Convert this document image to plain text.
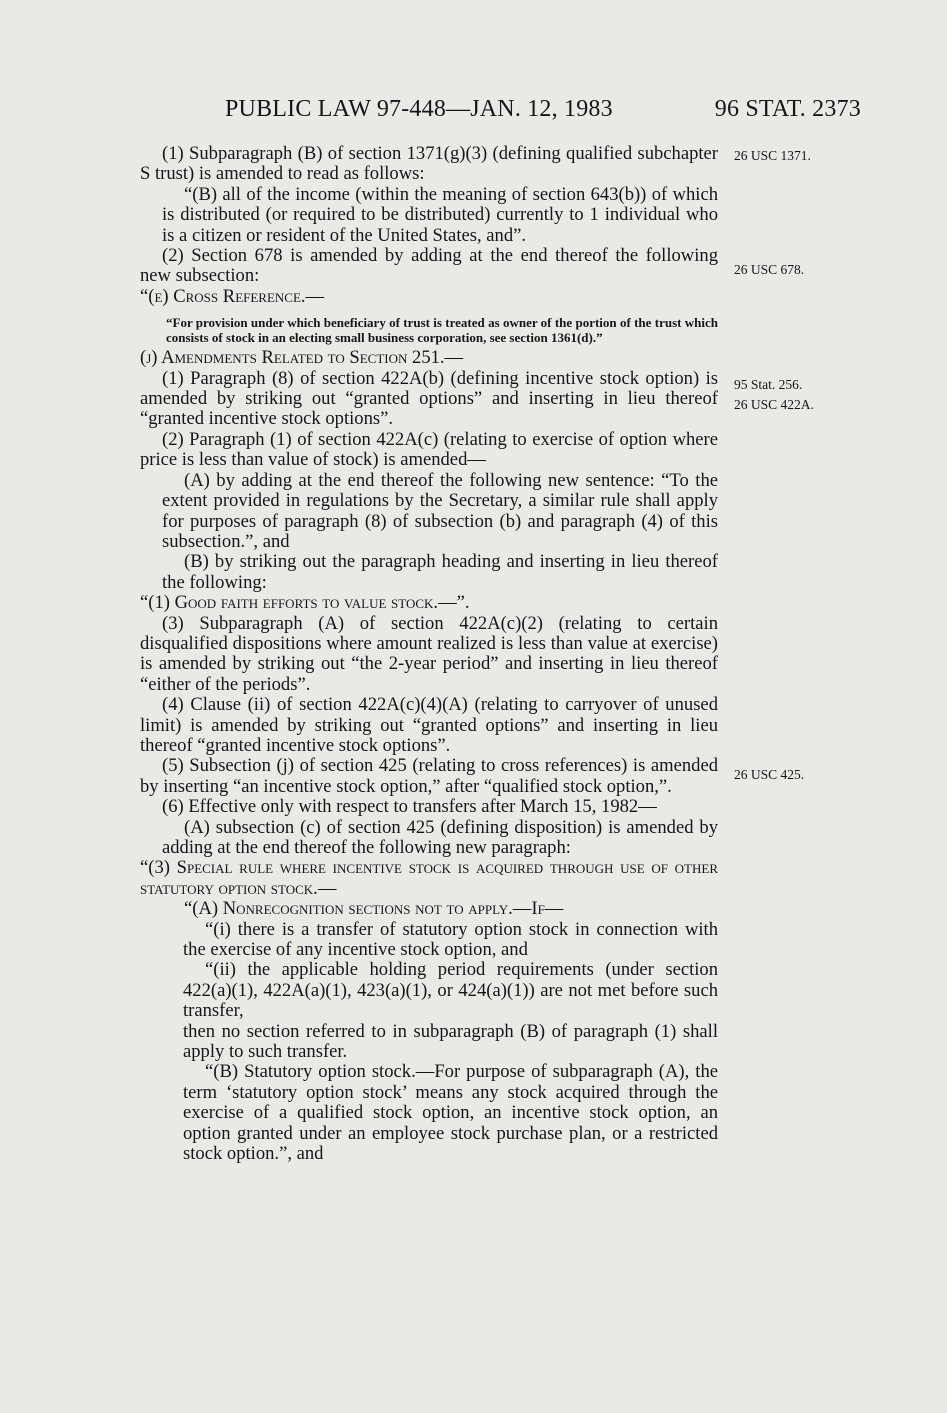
PUBLIC LAW 97-448—JAN. 12, 1983	96 STAT. 2373
26 USC 1371.
26 USC 678.
95 Stat. 256.
26 USC 422A.
26 USC 425.
(1) Subparagraph (B) of section 1371(g)(3) (defining qualified subchapter S trust) is amended to read as follows:
“(B) all of the income (within the meaning of section 643(b)) of which is distributed (or required to be distributed) currently to 1 individual who is a citizen or resident of the United States, and”.
(2) Section 678 is amended by adding at the end thereof the following new subsection:
“(e) Cross Reference.—
“For provision under which beneficiary of trust is treated as owner of the portion of the trust which consists of stock in an electing small business corporation, see section 1361(d).”
(j) Amendments Related to Section 251.—
(1) Paragraph (8) of section 422A(b) (defining incentive stock option) is amended by striking out “granted options” and inserting in lieu thereof “granted incentive stock options”.
(2) Paragraph (1) of section 422A(c) (relating to exercise of option where price is less than value of stock) is amended—
(A) by adding at the end thereof the following new sentence: “To the extent provided in regulations by the Secretary, a similar rule shall apply for purposes of paragraph (8) of subsection (b) and paragraph (4) of this subsection.”, and
(B) by striking out the paragraph heading and inserting in lieu thereof the following:
“(1) Good faith efforts to value stock.—”.
(3) Subparagraph (A) of section 422A(c)(2) (relating to certain disqualified dispositions where amount realized is less than value at exercise) is amended by striking out “the 2-year period” and inserting in lieu thereof “either of the periods”.
(4) Clause (ii) of section 422A(c)(4)(A) (relating to carryover of unused limit) is amended by striking out “granted options” and inserting in lieu thereof “granted incentive stock options”.
(5) Subsection (j) of section 425 (relating to cross references) is amended by inserting “an incentive stock option,” after “qualified stock option,”.
(6) Effective only with respect to transfers after March 15, 1982—
(A) subsection (c) of section 425 (defining disposition) is amended by adding at the end thereof the following new paragraph:
“(3) Special rule where incentive stock is acquired through use of other statutory option stock.—
“(A) Nonrecognition sections not to apply.—If—
“(i) there is a transfer of statutory option stock in connection with the exercise of any incentive stock option, and
“(ii) the applicable holding period requirements (under section 422(a)(1), 422A(a)(1), 423(a)(1), or 424(a)(1)) are not met before such transfer,
then no section referred to in subparagraph (B) of paragraph (1) shall apply to such transfer.
“(B) Statutory option stock.—For purpose of subparagraph (A), the term ‘statutory option stock’ means any stock acquired through the exercise of a qualified stock option, an incentive stock option, an option granted under an employee stock purchase plan, or a restricted stock option.”, and
